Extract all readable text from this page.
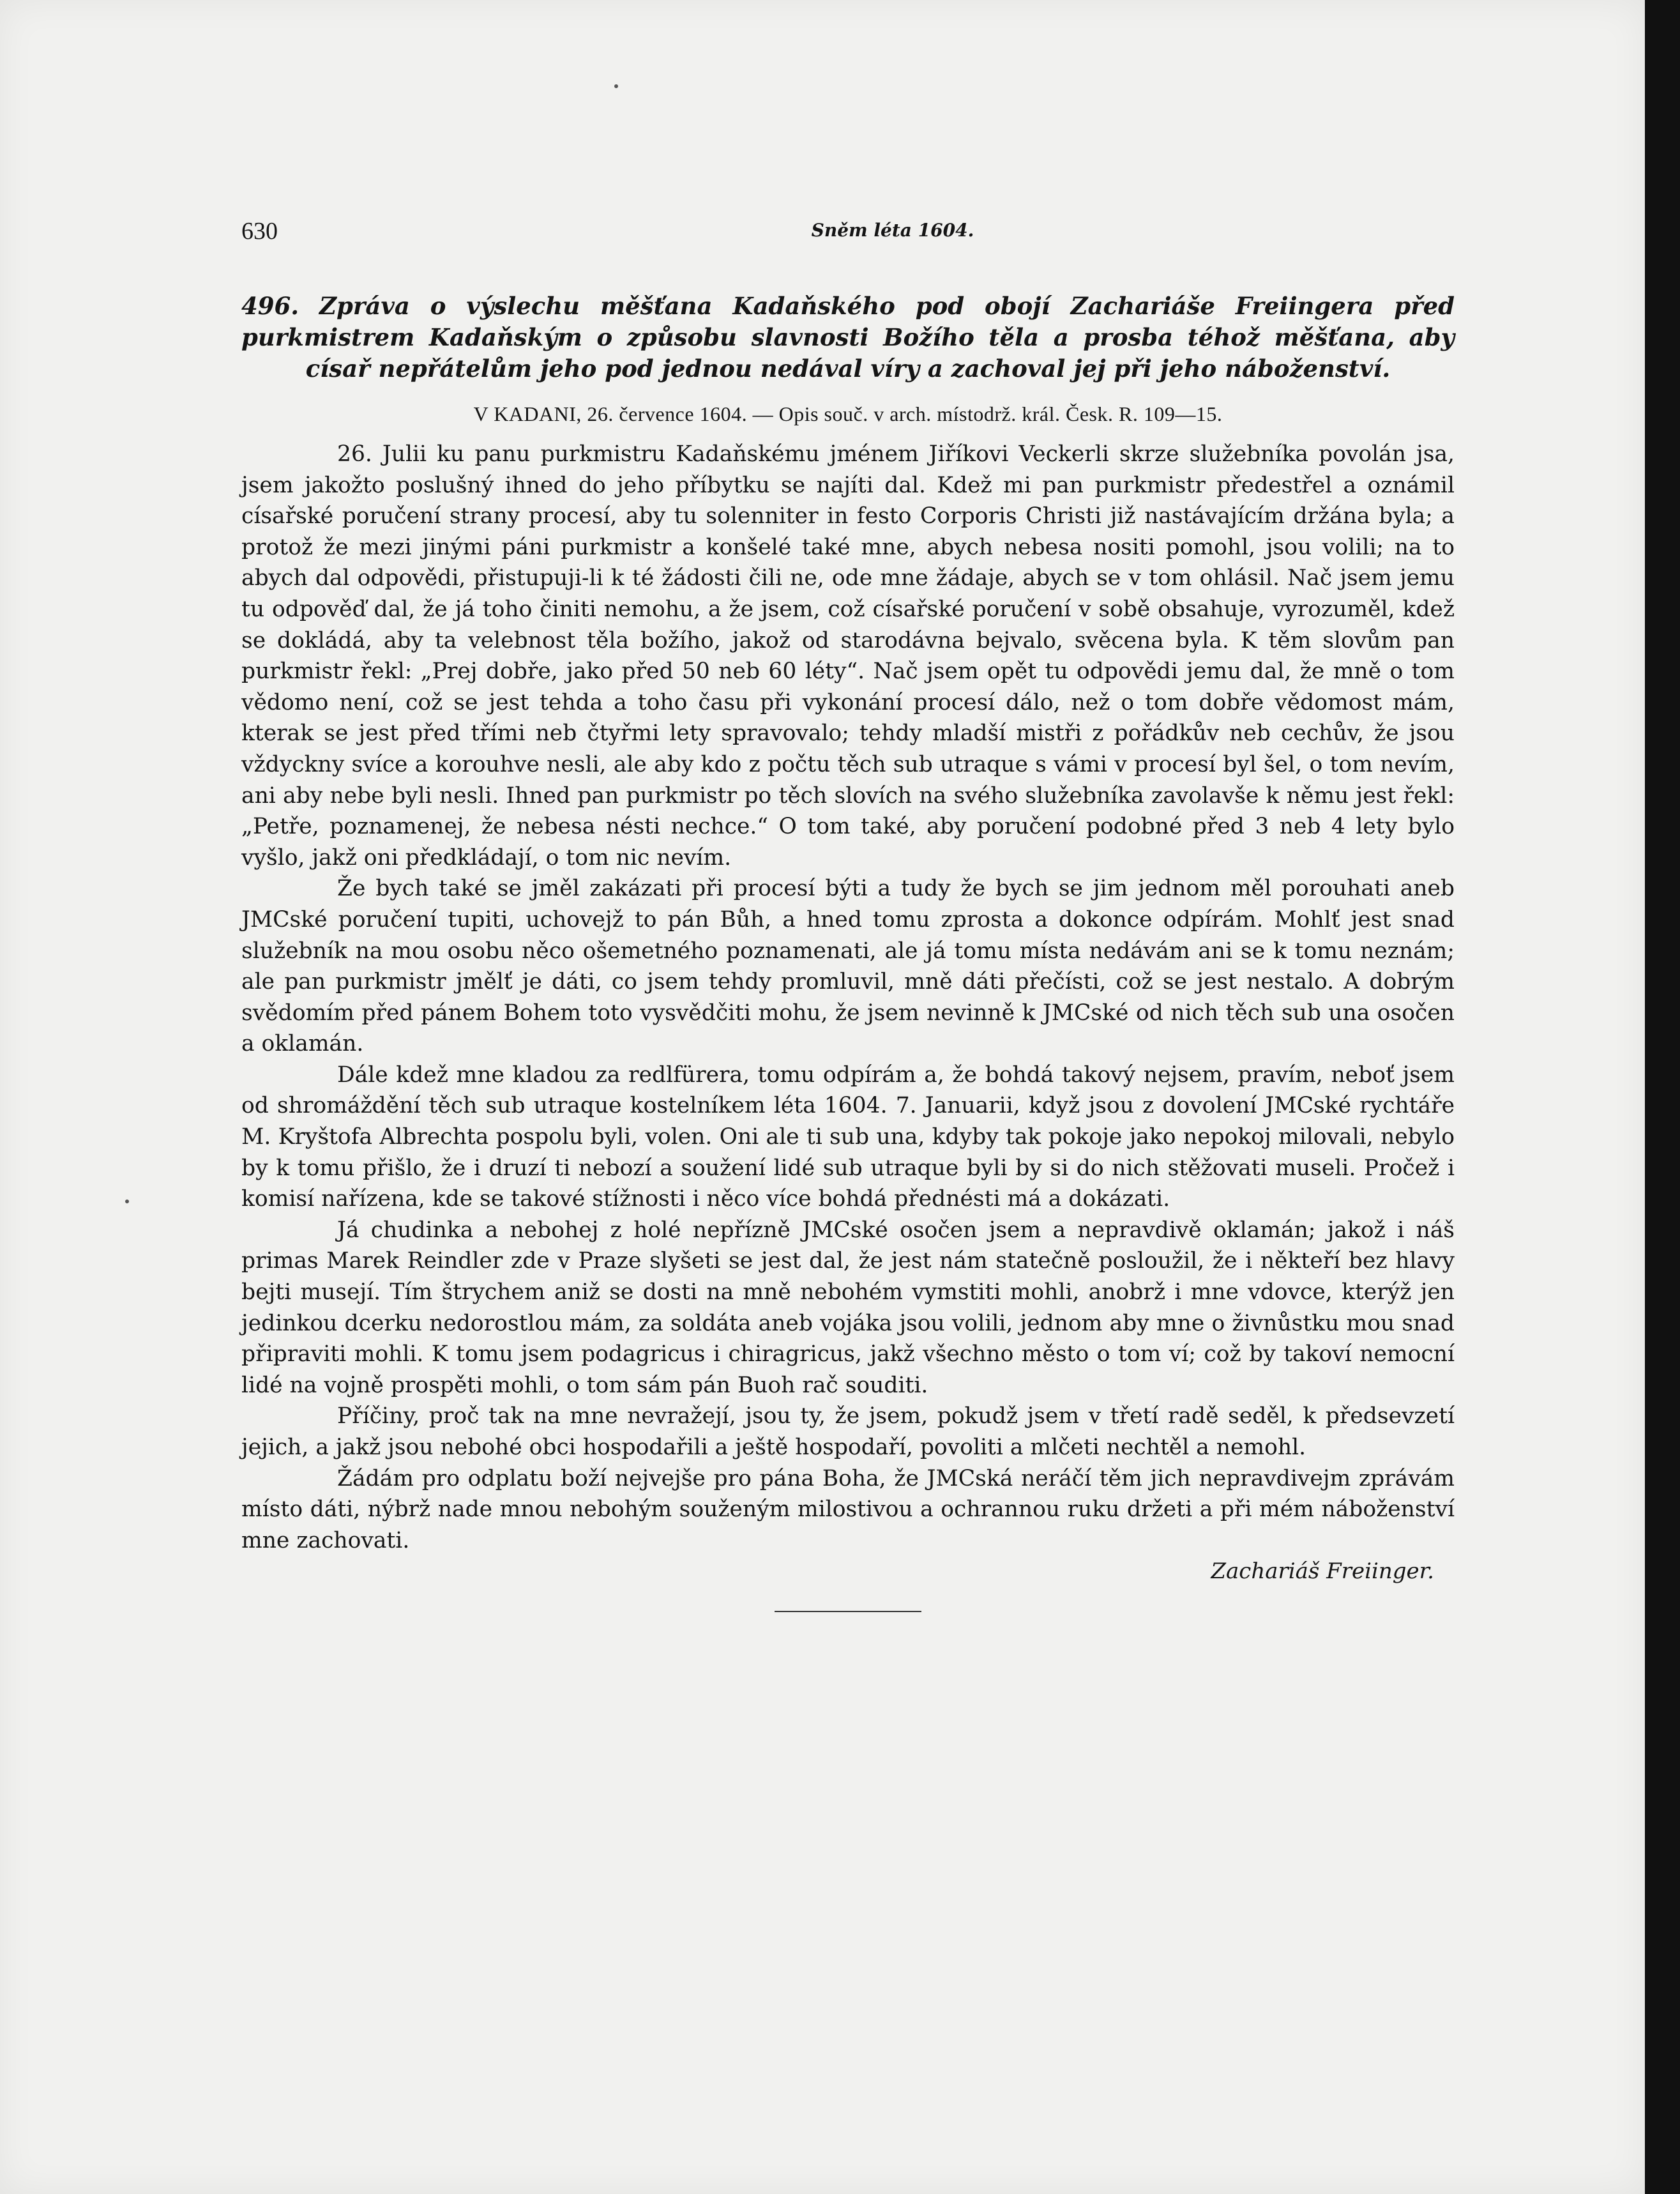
630	Sněm léta 1604.
496. Zpráva o výslechu měšťana Kadaňského pod obojí Zachariáše Freiingera před purkmistrem Kadaňským o způsobu slavnosti Božího těla a prosba téhož měšťana, aby císař nepřátelům jeho pod jednou nedával víry a zachoval jej při jeho náboženství.
V KADANI, 26. července 1604. — Opis souč. v arch. místodrž. král. Česk. R. 109—15.

26. Julii ku panu purkmistru Kadaňskému jménem Jiříkovi Veckerli skrze služebníka povolán jsa, jsem jakožto poslušný ihned do jeho příbytku se najíti dal. Kdež mi pan purkmistr předestřel a oznámil císařské poručení strany procesí, aby tu solenniter in festo Corporis Christi již nastávajícím držána byla; a protož že mezi jinými páni purkmistr a konšelé také mne, abych nebesa nositi pomohl, jsou volili; na to abych dal odpovědi, přistupuji-li k té žádosti čili ne, ode mne žádaje, abych se v tom ohlásil. Nač jsem jemu tu odpověď dal, že já toho činiti nemohu, a že jsem, což císařské poručení v sobě obsahuje, vyrozuměl, kdež se dokládá, aby ta velebnost těla božího, jakož od starodávna bejvalo, svěcena byla. K těm slovům pan purkmistr řekl: „Prej dobře, jako před 50 neb 60 léty“. Nač jsem opět tu odpovědi jemu dal, že mně o tom vědomo není, což se jest tehda a toho času při vykonání procesí dálo, než o tom dobře vědomost mám, kterak se jest před třími neb čtyřmi lety spravovalo; tehdy mladší mistři z pořádkův neb cechův, že jsou vždyckny svíce a korouhve nesli, ale aby kdo z počtu těch sub utraque s vámi v procesí byl šel, o tom nevím, ani aby nebe byli nesli. Ihned pan purkmistr po těch slovích na svého služebníka zavolavše k němu jest řekl: „Petře, poznamenej, že nebesa nésti nechce.“ O tom také, aby poručení podobné před 3 neb 4 lety bylo vyšlo, jakž oni předkládají, o tom nic nevím.

Že bych také se jměl zakázati při procesí býti a tudy že bych se jim jednom měl porouhati aneb JMCské poručení tupiti, uchovejž to pán Bůh, a hned tomu zprosta a dokonce odpírám. Mohlť jest snad služebník na mou osobu něco ošemetného poznamenati, ale já tomu místa nedávám ani se k tomu neznám; ale pan purkmistr jmělť je dáti, co jsem tehdy promluvil, mně dáti přečísti, což se jest nestalo. A dobrým svědomím před pánem Bohem toto vysvědčiti mohu, že jsem nevinně k JMCské od nich těch sub una osočen a oklamán.

Dále kdež mne kladou za redlfürera, tomu odpírám a, že bohdá takový nejsem, pravím, neboť jsem od shromáždění těch sub utraque kostelníkem léta 1604. 7. Januarii, když jsou z dovolení JMCské rychtáře M. Kryštofa Albrechta pospolu byli, volen. Oni ale ti sub una, kdyby tak pokoje jako nepokoj milovali, nebylo by k tomu přišlo, že i druzí ti nebozí a soužení lidé sub utraque byli by si do nich stěžovati museli. Pročež i komisí nařízena, kde se takové stížnosti i něco více bohdá přednésti má a dokázati.

Já chudinka a nebohej z holé nepřízně JMCské osočen jsem a nepravdivě oklamán; jakož i náš primas Marek Reindler zde v Praze slyšeti se jest dal, že jest nám statečně posloužil, že i někteří bez hlavy bejti musejí. Tím štrychem aniž se dosti na mně nebohém vymstiti mohli, anobrž i mne vdovce, kterýž jen jedinkou dcerku nedorostlou mám, za soldáta aneb vojáka jsou volili, jednom aby mne o živnůstku mou snad připraviti mohli. K tomu jsem podagricus i chiragricus, jakž všechno město o tom ví; což by takoví nemocní lidé na vojně prospěti mohli, o tom sám pán Buoh rač souditi.

Příčiny, proč tak na mne nevražejí, jsou ty, že jsem, pokudž jsem v třetí radě seděl, k předsevzetí jejich, a jakž jsou nebohé obci hospodařili a ještě hospodaří, povoliti a mlčeti nechtěl a nemohl.

Žádám pro odplatu boží nejvejše pro pána Boha, že JMCská neráčí těm jich nepravdivejm zprávám místo dáti, nýbrž nade mnou nebohým souženým milostivou a ochrannou ruku držeti a při mém náboženství mne zachovati.

Zachariáš Freiinger.
